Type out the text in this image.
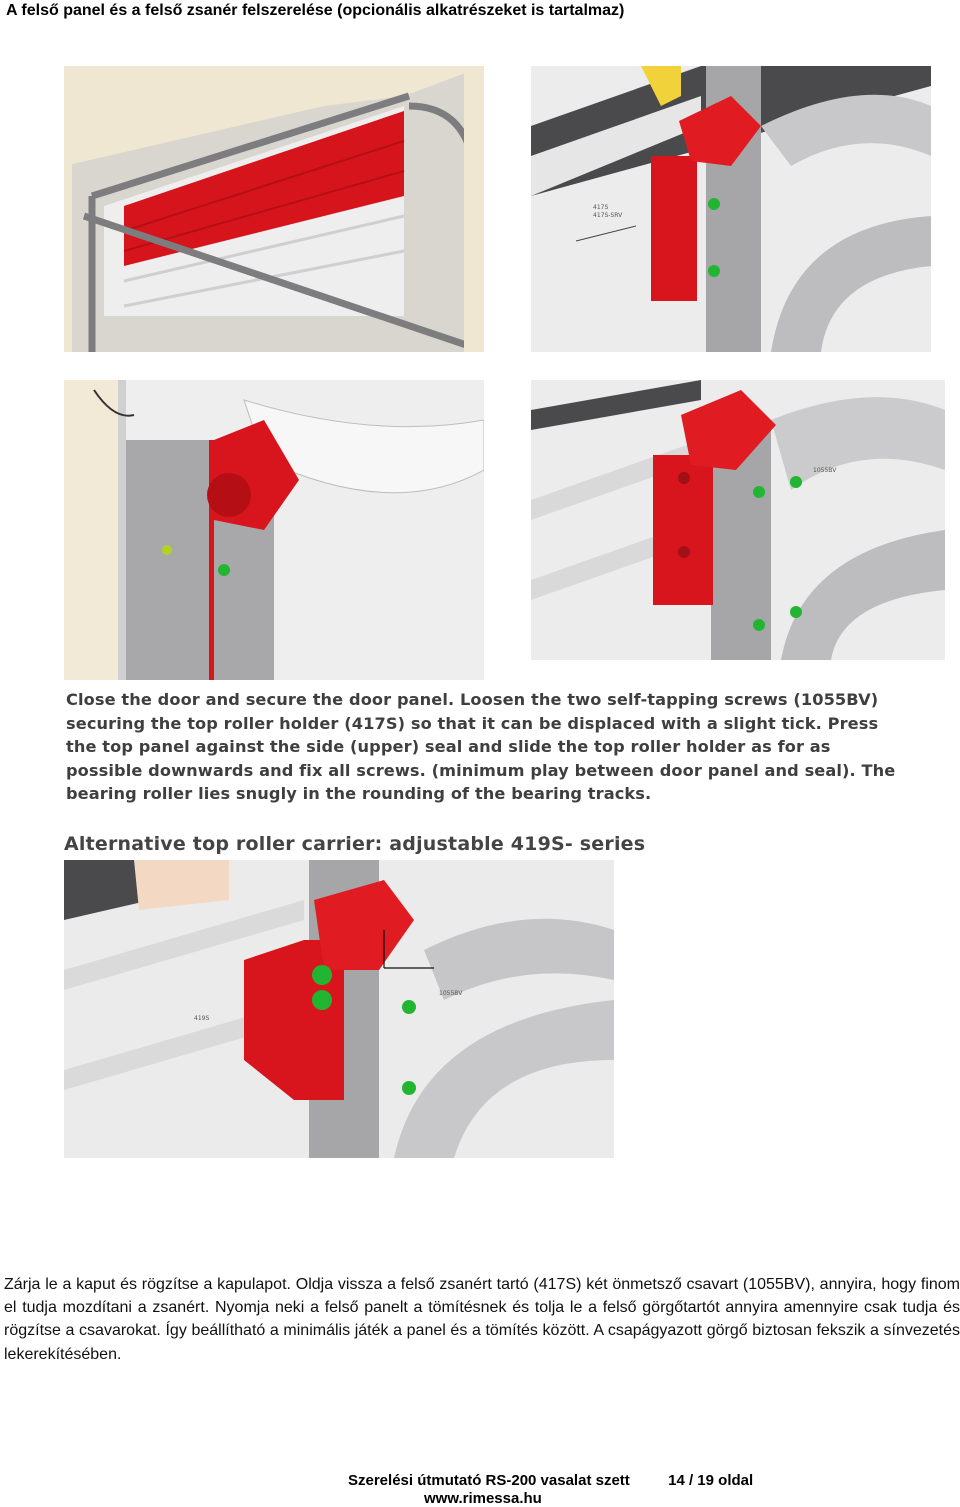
A felső panel és a felső zsanér felszerelése (opcionális alkatrészeket is tartalmaz)
417S
417S-SRV
1055BV
Close the door and secure the door panel. Loosen the two self-tapping screws (1055BV) securing the top roller holder (417S) so that it can be displaced with a slight tick. Press the top panel against the side (upper) seal and slide the top roller holder as for as possible downwards and fix all screws. (minimum play between door panel and seal). The bearing roller lies snugly in the rounding of the bearing tracks.
Alternative top roller carrier: adjustable 419S- series
1055BV
419S
Zárja le a kaput és rögzítse a kapulapot. Oldja vissza a felső zsanért tartó (417S) két önmetsző csavart (1055BV), annyira, hogy finom el tudja mozdítani a zsanért. Nyomja neki a felső panelt a tömítésnek és tolja le a felső görgőtartót annyira amennyire csak tudja és rögzítse a csavarokat. Így beállítható a minimális játék a panel és a tömítés között. A csapágyazott görgő biztosan fekszik a sínvezetés lekerekítésében.
Szerelési útmutató RS-200 vasalat szett	14 / 19 oldal
www.rimessa.hu
